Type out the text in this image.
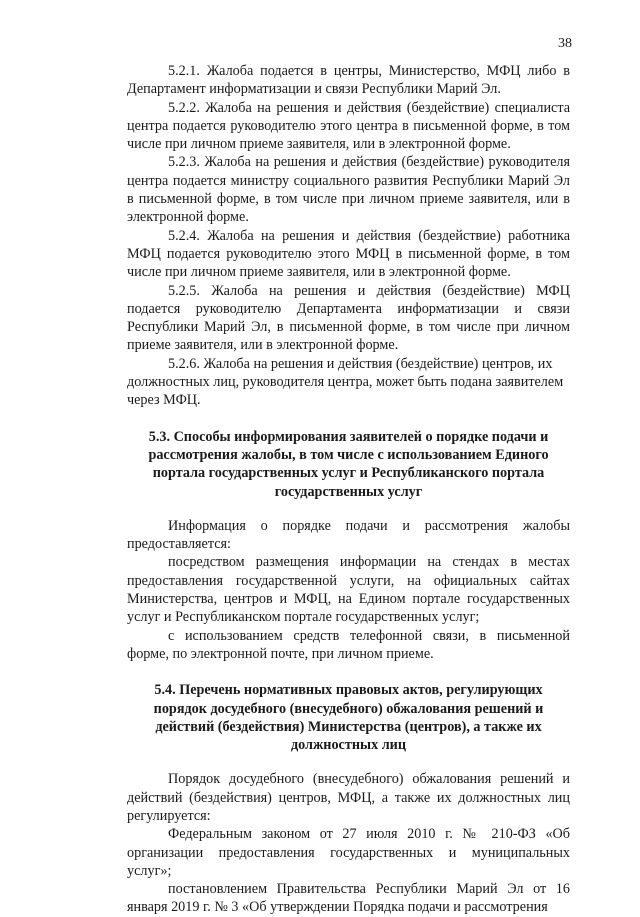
38

5.2.1. Жалоба подается в центры, Министерство, МФЦ либо в Департамент информатизации и связи Республики Марий Эл.

5.2.2. Жалоба на решения и действия (бездействие) специалиста центра подается руководителю этого центра в письменной форме, в том числе при личном приеме заявителя, или в электронной форме.

5.2.3. Жалоба на решения и действия (бездействие) руководителя центра подается министру социального развития Республики Марий Эл в письменной форме, в том числе при личном приеме заявителя, или в электронной форме.

5.2.4. Жалоба на решения и действия (бездействие) работника МФЦ подается руководителю этого МФЦ в письменной форме, в том числе при личном приеме заявителя, или в электронной форме.

5.2.5. Жалоба на решения и действия (бездействие) МФЦ подается руководителю Департамента информатизации и связи Республики Марий Эл, в письменной форме, в том числе при личном приеме заявителя, или в электронной форме.

5.2.6. Жалоба на решения и действия (бездействие) центров, их должностных лиц, руководителя центра, может быть подана заявителем через МФЦ.

5.3. Способы информирования заявителей о порядке подачи и рассмотрения жалобы, в том числе с использованием Единого портала государственных услуг и Республиканского портала государственных услуг

Информация о порядке подачи и рассмотрения жалобы предоставляется:

посредством размещения информации на стендах в местах предоставления государственной услуги, на официальных сайтах Министерства, центров и МФЦ, на Едином портале государственных услуг и Республиканском портале государственных услуг;

с использованием средств телефонной связи, в письменной форме, по электронной почте, при личном приеме.

5.4. Перечень нормативных правовых актов, регулирующих порядок досудебного (внесудебного) обжалования решений и действий (бездействия) Министерства (центров), а также их должностных лиц

Порядок досудебного (внесудебного) обжалования решений и действий (бездействия) центров, МФЦ, а также их должностных лиц регулируется:

Федеральным законом от 27 июля 2010 г. № 210-ФЗ «Об организации предоставления государственных и муниципальных услуг»;

постановлением Правительства Республики Марий Эл от 16 января 2019 г. № 3 «Об утверждении Порядка подачи и рассмотрения
